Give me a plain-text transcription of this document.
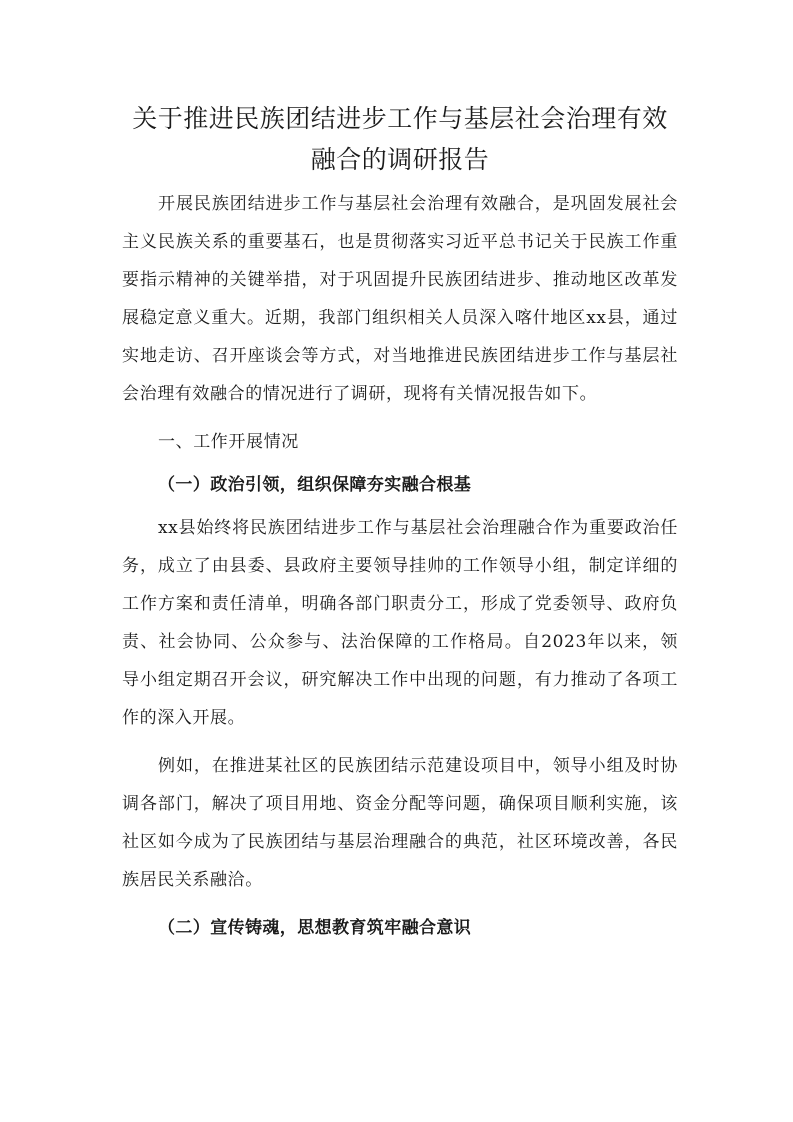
关于推进民族团结进步工作与基层社会治理有效融合的调研报告

开展民族团结进步工作与基层社会治理有效融合，是巩固发展社会主义民族关系的重要基石，也是贯彻落实习近平总书记关于民族工作重要指示精神的关键举措，对于巩固提升民族团结进步、推动地区改革发展稳定意义重大。近期，我部门组织相关人员深入喀什地区xx县，通过实地走访、召开座谈会等方式，对当地推进民族团结进步工作与基层社会治理有效融合的情况进行了调研，现将有关情况报告如下。

一、工作开展情况

（一）政治引领，组织保障夯实融合根基

xx县始终将民族团结进步工作与基层社会治理融合作为重要政治任务，成立了由县委、县政府主要领导挂帅的工作领导小组，制定详细的工作方案和责任清单，明确各部门职责分工，形成了党委领导、政府负责、社会协同、公众参与、法治保障的工作格局。自2023年以来，领导小组定期召开会议，研究解决工作中出现的问题，有力推动了各项工作的深入开展。

例如，在推进某社区的民族团结示范建设项目中，领导小组及时协调各部门，解决了项目用地、资金分配等问题，确保项目顺利实施，该社区如今成为了民族团结与基层治理融合的典范，社区环境改善，各民族居民关系融洽。

（二）宣传铸魂，思想教育筑牢融合意识
